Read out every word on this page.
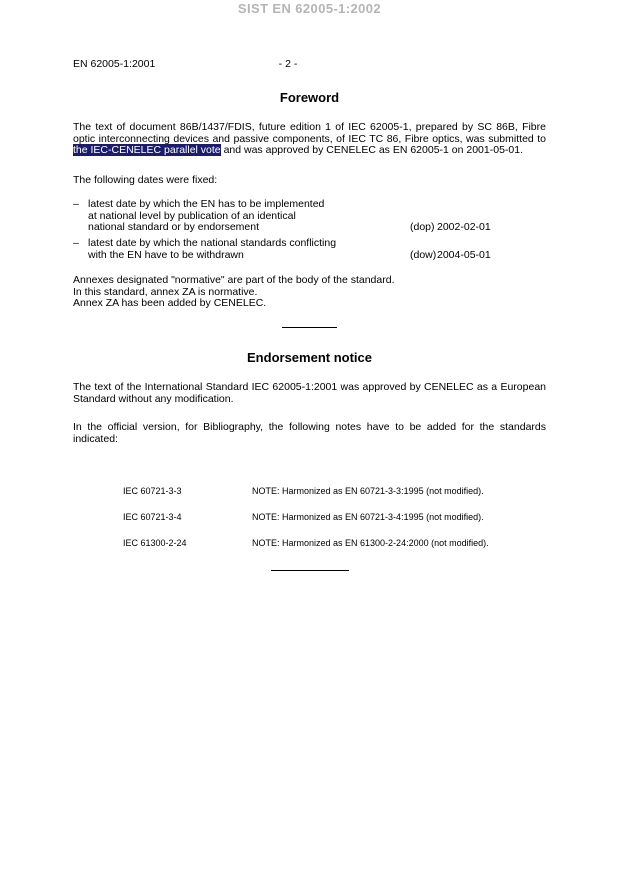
SIST EN 62005-1:2002
EN 62005-1:2001	- 2 -
Foreword

The text of document 86B/1437/FDIS, future edition 1 of IEC 62005-1, prepared by SC 86B, Fibre optic interconnecting devices and passive components, of IEC TC 86, Fibre optics, was submitted to the IEC-CENELEC parallel vote and was approved by CENELEC as EN 62005-1 on 2001-05-01.

The following dates were fixed:
– latest date by which the EN has to be implemented
at national level by publication of an identical
national standard or by endorsement	(dop) 2002-02-01
– latest date by which the national standards conflicting
with the EN have to be withdrawn	(dow) 2004-05-01
Annexes designated "normative" are part of the body of the standard.
In this standard, annex ZA is normative.
Annex ZA has been added by CENELEC.
Endorsement notice

The text of the International Standard IEC 62005-1:2001 was approved by CENELEC as a European Standard without any modification.

In the official version, for Bibliography, the following notes have to be added for the standards indicated:

IEC 60721-3-3	NOTE: Harmonized as EN 60721-3-3:1995 (not modified).
IEC 60721-3-4	NOTE: Harmonized as EN 60721-3-4:1995 (not modified).
IEC 61300-2-24	NOTE: Harmonized as EN 61300-2-24:2000 (not modified).
